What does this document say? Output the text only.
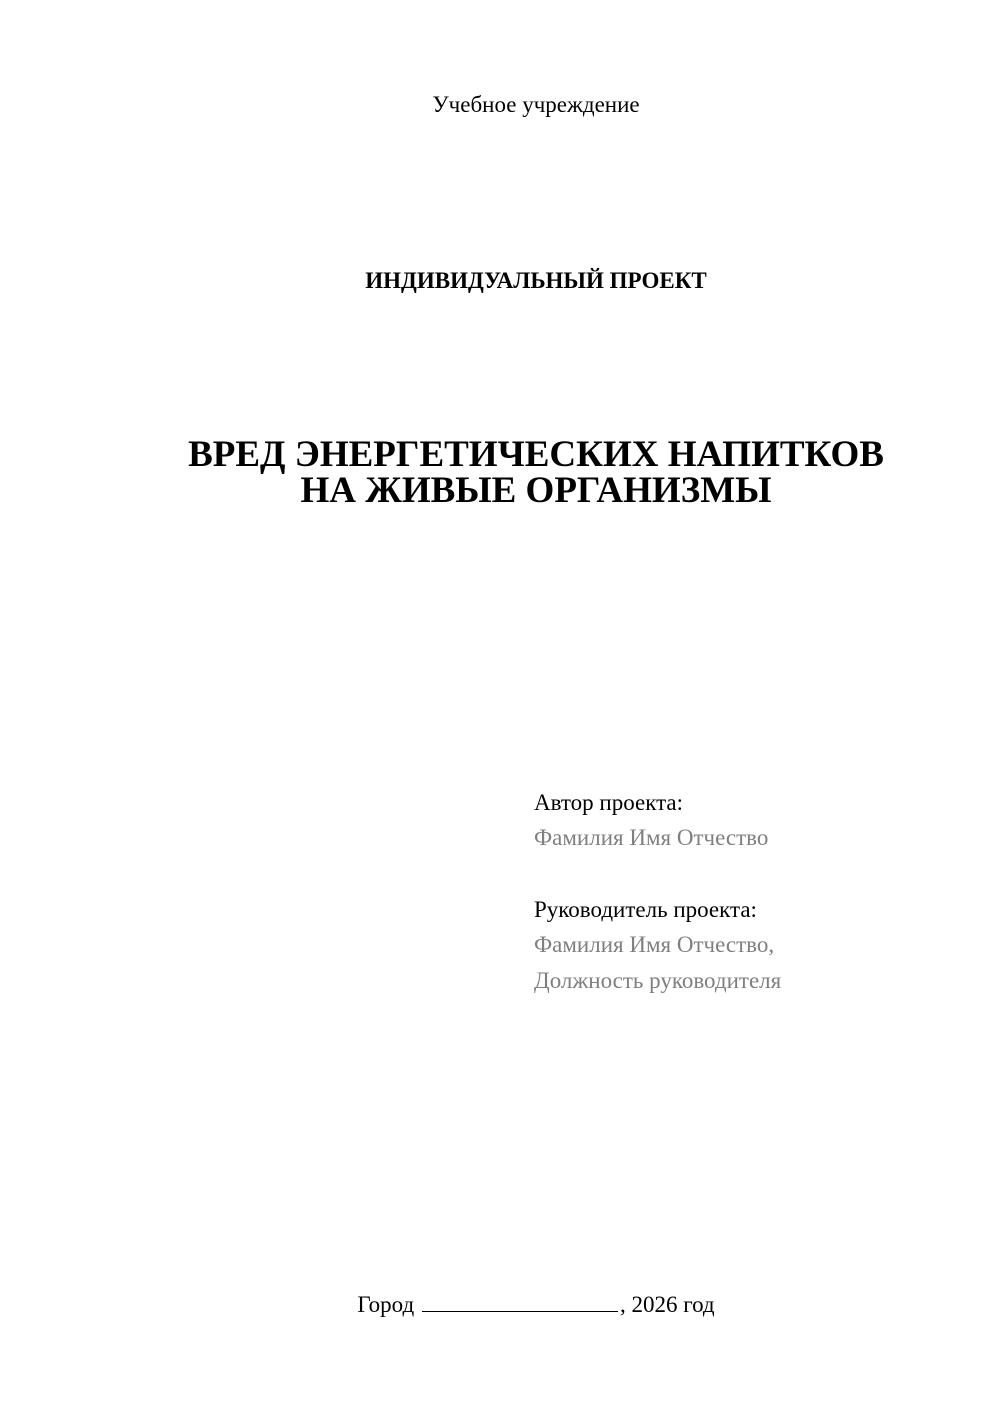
Учебное учреждение
ИНДИВИДУАЛЬНЫЙ ПРОЕКТ
ВРЕД ЭНЕРГЕТИЧЕСКИХ НАПИТКОВ
НА ЖИВЫЕ ОРГАНИЗМЫ
Автор проекта:
Фамилия Имя Отчество
Руководитель проекта:
Фамилия Имя Отчество,
Должность руководителя
Город	, 2026 год
